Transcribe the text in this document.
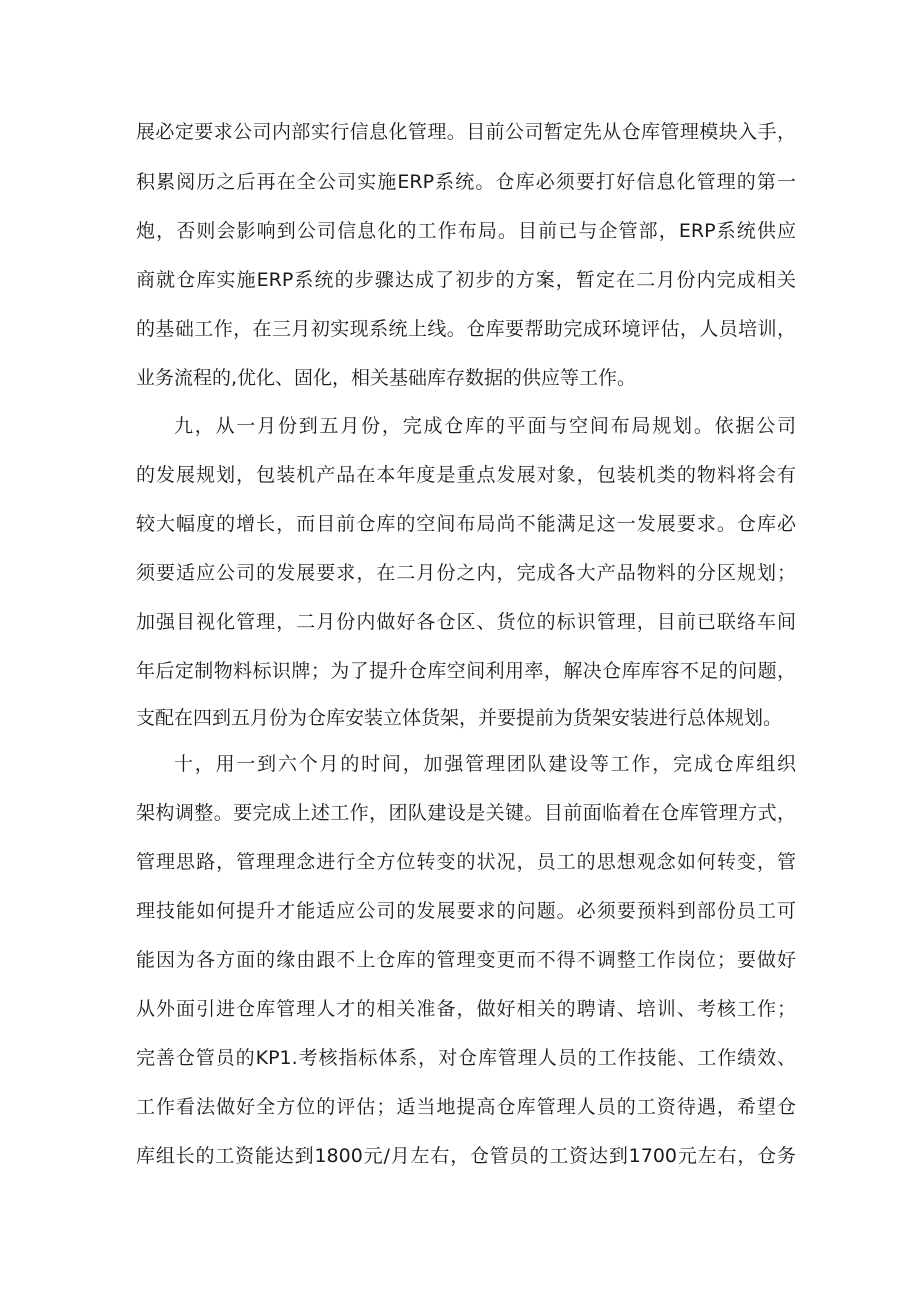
展必定要求公司内部实行信息化管理。目前公司暂定先从仓库管理模块入手，
积累阅历之后再在全公司实施ERP系统。仓库必须要打好信息化管理的第一
炮，否则会影响到公司信息化的工作布局。目前已与企管部，ERP系统供应
商就仓库实施ERP系统的步骤达成了初步的方案，暂定在二月份内完成相关
的基础工作，在三月初实现系统上线。仓库要帮助完成环境评估，人员培训，
业务流程的,优化、固化，相关基础库存数据的供应等工作。
九，从一月份到五月份，完成仓库的平面与空间布局规划。依据公司
的发展规划，包装机产品在本年度是重点发展对象，包装机类的物料将会有
较大幅度的增长，而目前仓库的空间布局尚不能满足这一发展要求。仓库必
须要适应公司的发展要求，在二月份之内，完成各大产品物料的分区规划；
加强目视化管理，二月份内做好各仓区、货位的标识管理，目前已联络车间
年后定制物料标识牌；为了提升仓库空间利用率，解决仓库库容不足的问题，
支配在四到五月份为仓库安装立体货架，并要提前为货架安装进行总体规划。
十，用一到六个月的时间，加强管理团队建设等工作，完成仓库组织
架构调整。要完成上述工作，团队建设是关键。目前面临着在仓库管理方式，
管理思路，管理理念进行全方位转变的状况，员工的思想观念如何转变，管
理技能如何提升才能适应公司的发展要求的问题。必须要预料到部份员工可
能因为各方面的缘由跟不上仓库的管理变更而不得不调整工作岗位；要做好
从外面引进仓库管理人才的相关准备，做好相关的聘请、培训、考核工作；
完善仓管员的KP1.考核指标体系，对仓库管理人员的工作技能、工作绩效、
工作看法做好全方位的评估；适当地提高仓库管理人员的工资待遇，希望仓
库组长的工资能达到1800元/月左右，仓管员的工资达到1700元左右，仓务
